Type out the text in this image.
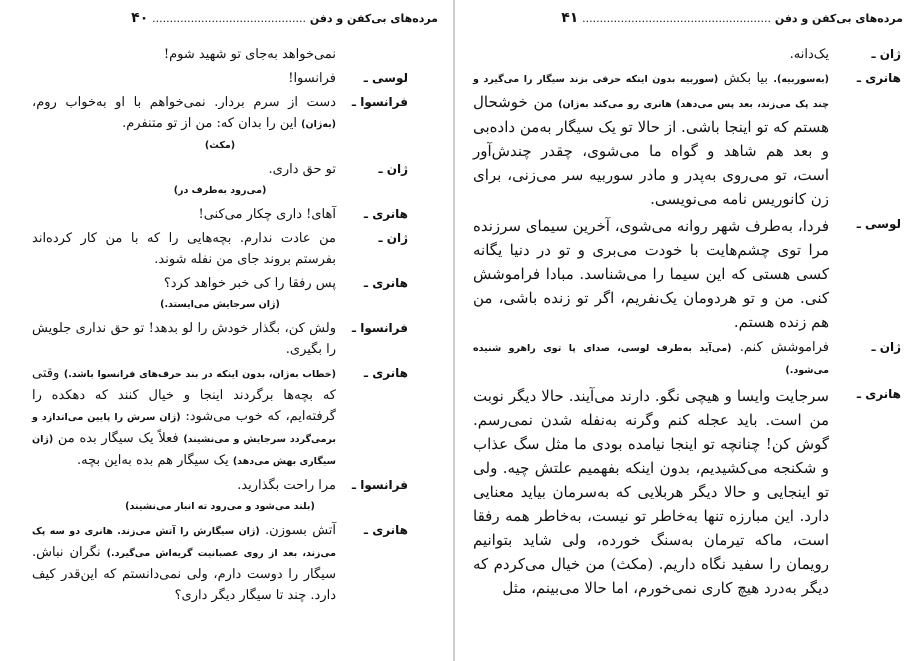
مرده‌های بی‌کفن و دفن ............................................ ۴۰
نمی‌خواهد به‌جای تو شهید شوم!
لوسی ـ
فرانسوا!
فرانسوا ـ
دست از سرم بردار. نمی‌خواهم با او به‌خواب روم، (به‌ژان) این را بدان که: من از تو متنفرم.
(مکث)
ژان ـ
تو حق داری.
(می‌رود به‌طرف در)
هانری ـ
آهای! داری چکار می‌کنی!
ژان ـ
من عادت ندارم. بچه‌هایی را که با من کار کرده‌اند بفرستم بروند جای من نفله شوند.
هانری ـ
پس رفقا را کی خبر خواهد کرد؟
(ژان سرجایش می‌ایستد.)
فرانسوا ـ
ولش کن، بگذار خودش را لو بدهد! تو حق نداری جلویش را بگیری.
هانری ـ
(خطاب به‌ژان، بدون اینکه در بند حرف‌های فرانسوا باشد.) وقتی که بچه‌ها برگردند اینجا و خیال کنند که دهکده را گرفته‌ایم، که خوب می‌شود: (ژان سرش را پایین می‌اندازد و برمی‌گردد سرجایش و می‌نشیند) فعلاً یک سیگار بده من (ژان سیگاری بهش می‌دهد) یک سیگار هم بده به‌این بچه.
فرانسوا ـ
مرا راحت بگذارید.
(بلند می‌شود و می‌رود ته انبار می‌نشیند)
هانری ـ
آتش بسوزن. (ژان سیگارش را آتش می‌زند. هانری دو سه پک می‌زند، بعد از روی عصبانیت گریه‌اش می‌گیرد.) نگران نباش. سیگار را دوست دارم، ولی نمی‌دانستم که این‌قدر کیف دارد. چند تا سیگار دیگر داری؟
مرده‌های بی‌کفن و دفن ...................................................... ۴۱
ژان ـ
یک‌دانه.
هانری ـ
(به‌سوربیه). بیا بکش (سوربیه بدون اینکه حرفی بزند سیگار را می‌گیرد و چند پک می‌زند، بعد پس می‌دهد) هانری رو می‌کند به‌ژان) من خوشحال هستم که تو اینجا باشی. از حالا تو یک سیگار به‌من داده‌بی و بعد هم شاهد و گواه ما می‌شوی، چقدر چندش‌آور است، تو می‌روی به‌پدر و مادر سوربیه سر می‌زنی، برای زن کانوریس نامه می‌نویسی.
لوسی ـ
فردا، به‌طرف شهر روانه می‌شوی، آخرین سیمای سرزنده مرا توی چشم‌هایت با خودت می‌بری و تو در دنیا یگانه کسی هستی که این سیما را می‌شناسد. مبادا فراموشش کنی. من و تو هردومان یک‌نفریم، اگر تو زنده باشی، من هم زنده هستم.
ژان ـ
فراموشش کنم. (می‌آید به‌طرف لوسی، صدای پا توی راهرو شنیده می‌شود.)
هانری ـ
سرجایت وایسا و هیچی نگو. دارند می‌آیند. حالا دیگر نوبت من است. باید عجله کنم وگرنه به‌نفله شدن نمی‌رسم. گوش کن! چنانچه تو اینجا نیامده بودی ما مثل سگ عذاب و شکنجه می‌کشیدیم، بدون اینکه بفهمیم علتش چیه. ولی تو اینجایی و حالا دیگر هربلایی که به‌سرمان بیاید معنایی دارد. این مبارزه تنها به‌خاطر تو نیست، به‌خاطر همه رفقا است، ماکه تیرمان به‌سنگ خورده، ولی شاید بتوانیم رویمان را سفید نگاه داریم. (مکث) من خیال می‌کردم که دیگر به‌درد هیچ کاری نمی‌خورم، اما حالا می‌بینم، مثل
